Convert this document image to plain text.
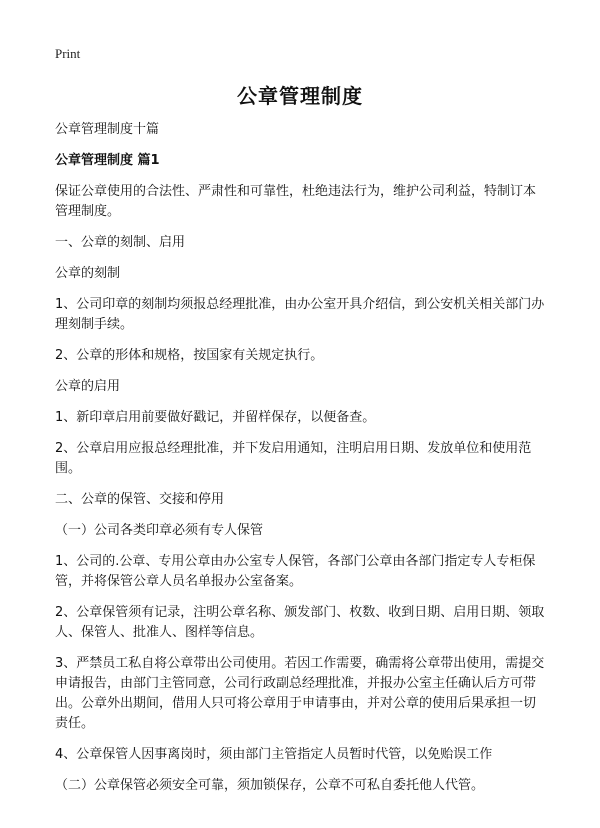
Print
公章管理制度

公章管理制度十篇

公章管理制度 篇1

保证公章使用的合法性、严肃性和可靠性，杜绝违法行为，维护公司利益，特制订本管理制度。

一、公章的刻制、启用

公章的刻制

1、公司印章的刻制均须报总经理批准，由办公室开具介绍信，到公安机关相关部门办理刻制手续。

2、公章的形体和规格，按国家有关规定执行。

公章的启用

1、新印章启用前要做好戳记，并留样保存，以便备查。

2、公章启用应报总经理批准，并下发启用通知，注明启用日期、发放单位和使用范围。

二、公章的保管、交接和停用

（一）公司各类印章必须有专人保管

1、公司的.公章、专用公章由办公室专人保管，各部门公章由各部门指定专人专柜保管，并将保管公章人员名单报办公室备案。

2、公章保管须有记录，注明公章名称、颁发部门、枚数、收到日期、启用日期、领取人、保管人、批准人、图样等信息。

3、严禁员工私自将公章带出公司使用。若因工作需要，确需将公章带出使用，需提交申请报告，由部门主管同意，公司行政副总经理批准，并报办公室主任确认后方可带出。公章外出期间，借用人只可将公章用于申请事由，并对公章的使用后果承担一切责任。

4、公章保管人因事离岗时，须由部门主管指定人员暂时代管，以免贻误工作

（二）公章保管必须安全可靠，须加锁保存，公章不可私自委托他人代管。
